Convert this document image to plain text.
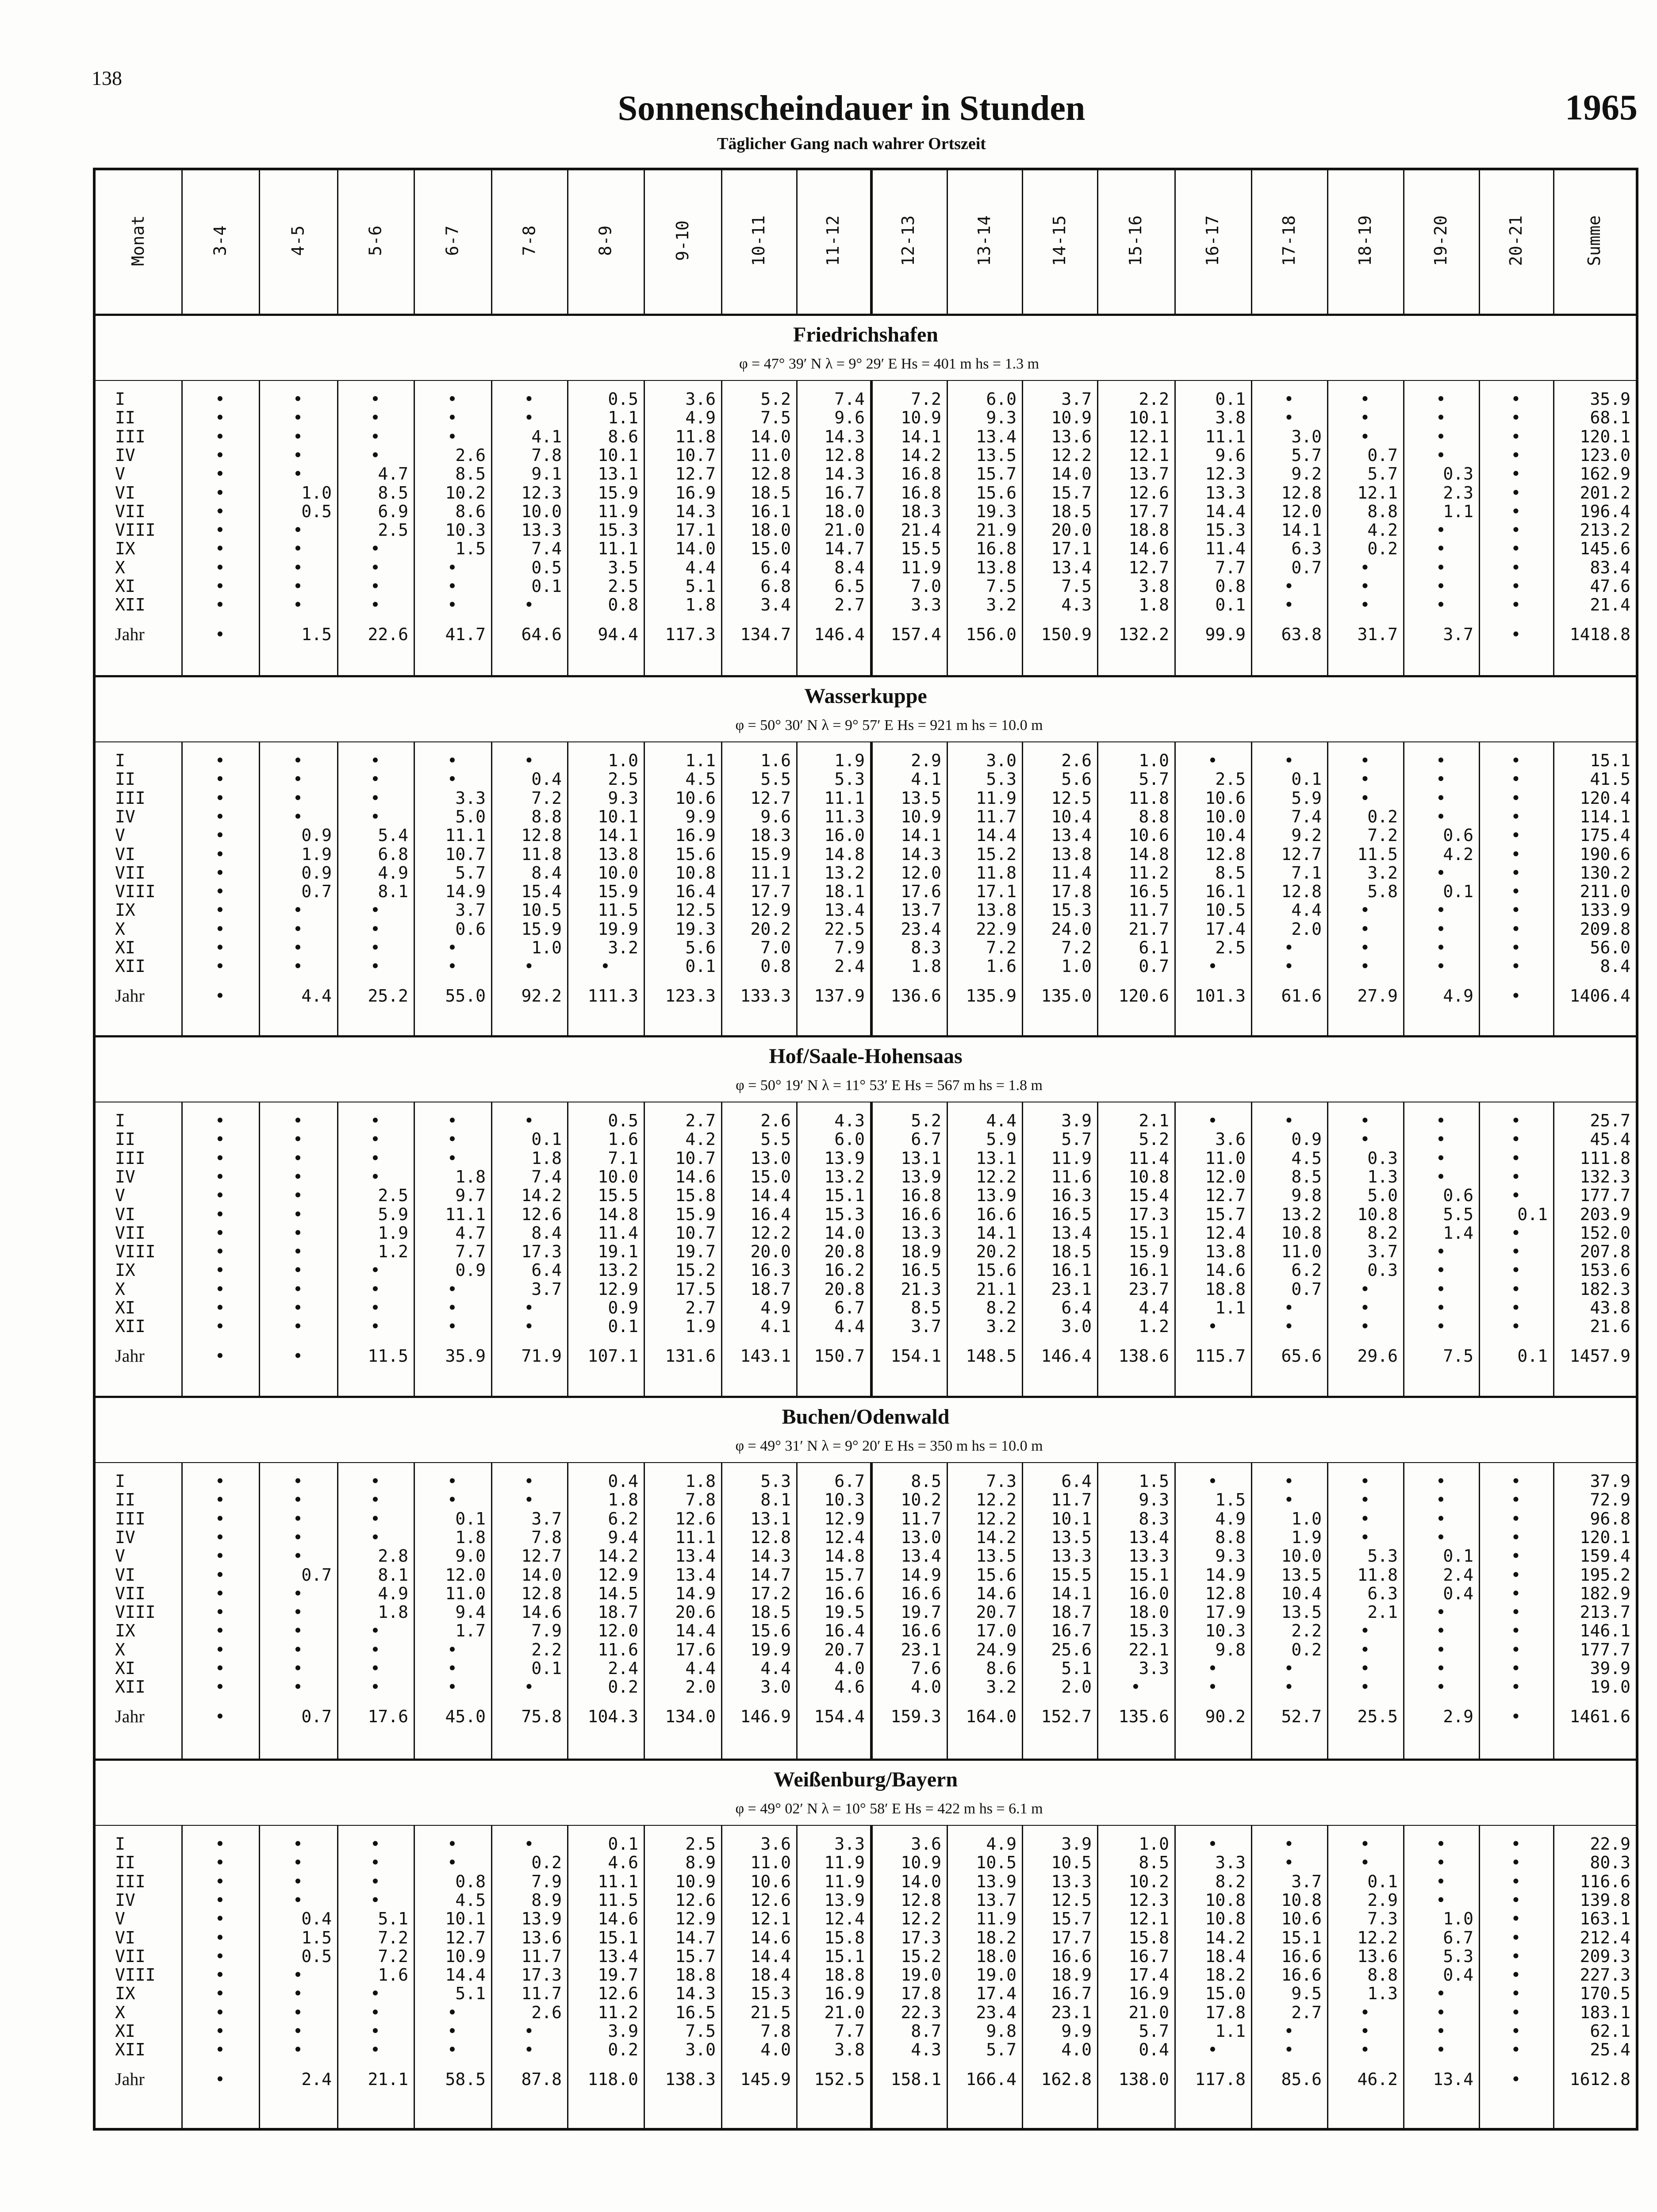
138
Sonnenscheindauer in Stunden	1965
Täglicher Gang nach wahrer Ortszeit
Monat	3-4	4-5	5-6	6-7	7-8	8-9	9-10	10-11	11-12	12-13	13-14	14-15	15-16	16-17	17-18	18-19	19-20	20-21	Summe
Friedrichshafen
φ = 47° 39′ N λ = 9° 29′ E Hs = 401 m hs = 1.3 m
I	•	•	•	•	•	0.5	3.6	5.2	7.4	7.2	6.0	3.7	2.2	0.1	•	•	•	•	35.9
II	•	•	•	•	•	1.1	4.9	7.5	9.6	10.9	9.3	10.9	10.1	3.8	•	•	•	•	68.1
III	•	•	•	•	4.1	8.6	11.8	14.0	14.3	14.1	13.4	13.6	12.1	11.1	3.0	•	•	•	120.1
IV	•	•	•	2.6	7.8	10.1	10.7	11.0	12.8	14.2	13.5	12.2	12.1	9.6	5.7	0.7	•	•	123.0
V	•	•	4.7	8.5	9.1	13.1	12.7	12.8	14.3	16.8	15.7	14.0	13.7	12.3	9.2	5.7	0.3	•	162.9
VI	•	1.0	8.5	10.2	12.3	15.9	16.9	18.5	16.7	16.8	15.6	15.7	12.6	13.3	12.8	12.1	2.3	•	201.2
VII	•	0.5	6.9	8.6	10.0	11.9	14.3	16.1	18.0	18.3	19.3	18.5	17.7	14.4	12.0	8.8	1.1	•	196.4
VIII	•	•	2.5	10.3	13.3	15.3	17.1	18.0	21.0	21.4	21.9	20.0	18.8	15.3	14.1	4.2	•	•	213.2
IX	•	•	•	1.5	7.4	11.1	14.0	15.0	14.7	15.5	16.8	17.1	14.6	11.4	6.3	0.2	•	•	145.6
X	•	•	•	•	0.5	3.5	4.4	6.4	8.4	11.9	13.8	13.4	12.7	7.7	0.7	•	•	•	83.4
XI	•	•	•	•	0.1	2.5	5.1	6.8	6.5	7.0	7.5	7.5	3.8	0.8	•	•	•	•	47.6
XII	•	•	•	•	•	0.8	1.8	3.4	2.7	3.3	3.2	4.3	1.8	0.1	•	•	•	•	21.4
Jahr	•	1.5	22.6	41.7	64.6	94.4	117.3	134.7	146.4	157.4	156.0	150.9	132.2	99.9	63.8	31.7	3.7	•	1418.8
Wasserkuppe
φ = 50° 30′ N λ = 9° 57′ E Hs = 921 m hs = 10.0 m
I	•	•	•	•	•	1.0	1.1	1.6	1.9	2.9	3.0	2.6	1.0	•	•	•	•	•	15.1
II	•	•	•	•	0.4	2.5	4.5	5.5	5.3	4.1	5.3	5.6	5.7	2.5	0.1	•	•	•	41.5
III	•	•	•	3.3	7.2	9.3	10.6	12.7	11.1	13.5	11.9	12.5	11.8	10.6	5.9	•	•	•	120.4
IV	•	•	•	5.0	8.8	10.1	9.9	9.6	11.3	10.9	11.7	10.4	8.8	10.0	7.4	0.2	•	•	114.1
V	•	0.9	5.4	11.1	12.8	14.1	16.9	18.3	16.0	14.1	14.4	13.4	10.6	10.4	9.2	7.2	0.6	•	175.4
VI	•	1.9	6.8	10.7	11.8	13.8	15.6	15.9	14.8	14.3	15.2	13.8	14.8	12.8	12.7	11.5	4.2	•	190.6
VII	•	0.9	4.9	5.7	8.4	10.0	10.8	11.1	13.2	12.0	11.8	11.4	11.2	8.5	7.1	3.2	•	•	130.2
VIII	•	0.7	8.1	14.9	15.4	15.9	16.4	17.7	18.1	17.6	17.1	17.8	16.5	16.1	12.8	5.8	0.1	•	211.0
IX	•	•	•	3.7	10.5	11.5	12.5	12.9	13.4	13.7	13.8	15.3	11.7	10.5	4.4	•	•	•	133.9
X	•	•	•	0.6	15.9	19.9	19.3	20.2	22.5	23.4	22.9	24.0	21.7	17.4	2.0	•	•	•	209.8
XI	•	•	•	•	1.0	3.2	5.6	7.0	7.9	8.3	7.2	7.2	6.1	2.5	•	•	•	•	56.0
XII	•	•	•	•	•	•	0.1	0.8	2.4	1.8	1.6	1.0	0.7	•	•	•	•	•	8.4
Jahr	•	4.4	25.2	55.0	92.2	111.3	123.3	133.3	137.9	136.6	135.9	135.0	120.6	101.3	61.6	27.9	4.9	•	1406.4
Hof/Saale-Hohensaas
φ = 50° 19′ N λ = 11° 53′ E Hs = 567 m hs = 1.8 m
I	•	•	•	•	•	0.5	2.7	2.6	4.3	5.2	4.4	3.9	2.1	•	•	•	•	•	25.7
II	•	•	•	•	0.1	1.6	4.2	5.5	6.0	6.7	5.9	5.7	5.2	3.6	0.9	•	•	•	45.4
III	•	•	•	•	1.8	7.1	10.7	13.0	13.9	13.1	13.1	11.9	11.4	11.0	4.5	0.3	•	•	111.8
IV	•	•	•	1.8	7.4	10.0	14.6	15.0	13.2	13.9	12.2	11.6	10.8	12.0	8.5	1.3	•	•	132.3
V	•	•	2.5	9.7	14.2	15.5	15.8	14.4	15.1	16.8	13.9	16.3	15.4	12.7	9.8	5.0	0.6	•	177.7
VI	•	•	5.9	11.1	12.6	14.8	15.9	16.4	15.3	16.6	16.6	16.5	17.3	15.7	13.2	10.8	5.5	0.1	203.9
VII	•	•	1.9	4.7	8.4	11.4	10.7	12.2	14.0	13.3	14.1	13.4	15.1	12.4	10.8	8.2	1.4	•	152.0
VIII	•	•	1.2	7.7	17.3	19.1	19.7	20.0	20.8	18.9	20.2	18.5	15.9	13.8	11.0	3.7	•	•	207.8
IX	•	•	•	0.9	6.4	13.2	15.2	16.3	16.2	16.5	15.6	16.1	16.1	14.6	6.2	0.3	•	•	153.6
X	•	•	•	•	3.7	12.9	17.5	18.7	20.8	21.3	21.1	23.1	23.7	18.8	0.7	•	•	•	182.3
XI	•	•	•	•	•	0.9	2.7	4.9	6.7	8.5	8.2	6.4	4.4	1.1	•	•	•	•	43.8
XII	•	•	•	•	•	0.1	1.9	4.1	4.4	3.7	3.2	3.0	1.2	•	•	•	•	•	21.6
Jahr	•	•	11.5	35.9	71.9	107.1	131.6	143.1	150.7	154.1	148.5	146.4	138.6	115.7	65.6	29.6	7.5	0.1	1457.9
Buchen/Odenwald
φ = 49° 31′ N λ = 9° 20′ E Hs = 350 m hs = 10.0 m
I	•	•	•	•	•	0.4	1.8	5.3	6.7	8.5	7.3	6.4	1.5	•	•	•	•	•	37.9
II	•	•	•	•	•	1.8	7.8	8.1	10.3	10.2	12.2	11.7	9.3	1.5	•	•	•	•	72.9
III	•	•	•	0.1	3.7	6.2	12.6	13.1	12.9	11.7	12.2	10.1	8.3	4.9	1.0	•	•	•	96.8
IV	•	•	•	1.8	7.8	9.4	11.1	12.8	12.4	13.0	14.2	13.5	13.4	8.8	1.9	•	•	•	120.1
V	•	•	2.8	9.0	12.7	14.2	13.4	14.3	14.8	13.4	13.5	13.3	13.3	9.3	10.0	5.3	0.1	•	159.4
VI	•	0.7	8.1	12.0	14.0	12.9	13.4	14.7	15.7	14.9	15.6	15.5	15.1	14.9	13.5	11.8	2.4	•	195.2
VII	•	•	4.9	11.0	12.8	14.5	14.9	17.2	16.6	16.6	14.6	14.1	16.0	12.8	10.4	6.3	0.4	•	182.9
VIII	•	•	1.8	9.4	14.6	18.7	20.6	18.5	19.5	19.7	20.7	18.7	18.0	17.9	13.5	2.1	•	•	213.7
IX	•	•	•	1.7	7.9	12.0	14.4	15.6	16.4	16.6	17.0	16.7	15.3	10.3	2.2	•	•	•	146.1
X	•	•	•	•	2.2	11.6	17.6	19.9	20.7	23.1	24.9	25.6	22.1	9.8	0.2	•	•	•	177.7
XI	•	•	•	•	0.1	2.4	4.4	4.4	4.0	7.6	8.6	5.1	3.3	•	•	•	•	•	39.9
XII	•	•	•	•	•	0.2	2.0	3.0	4.6	4.0	3.2	2.0	•	•	•	•	•	•	19.0
Jahr	•	0.7	17.6	45.0	75.8	104.3	134.0	146.9	154.4	159.3	164.0	152.7	135.6	90.2	52.7	25.5	2.9	•	1461.6
Weißenburg/Bayern
φ = 49° 02′ N λ = 10° 58′ E Hs = 422 m hs = 6.1 m
I	•	•	•	•	•	0.1	2.5	3.6	3.3	3.6	4.9	3.9	1.0	•	•	•	•	•	22.9
II	•	•	•	•	0.2	4.6	8.9	11.0	11.9	10.9	10.5	10.5	8.5	3.3	•	•	•	•	80.3
III	•	•	•	0.8	7.9	11.1	10.9	10.6	11.9	14.0	13.9	13.3	10.2	8.2	3.7	0.1	•	•	116.6
IV	•	•	•	4.5	8.9	11.5	12.6	12.6	13.9	12.8	13.7	12.5	12.3	10.8	10.8	2.9	•	•	139.8
V	•	0.4	5.1	10.1	13.9	14.6	12.9	12.1	12.4	12.2	11.9	15.7	12.1	10.8	10.6	7.3	1.0	•	163.1
VI	•	1.5	7.2	12.7	13.6	15.1	14.7	14.6	15.8	17.3	18.2	17.7	15.8	14.2	15.1	12.2	6.7	•	212.4
VII	•	0.5	7.2	10.9	11.7	13.4	15.7	14.4	15.1	15.2	18.0	16.6	16.7	18.4	16.6	13.6	5.3	•	209.3
VIII	•	•	1.6	14.4	17.3	19.7	18.8	18.4	18.8	19.0	19.0	18.9	17.4	18.2	16.6	8.8	0.4	•	227.3
IX	•	•	•	5.1	11.7	12.6	14.3	15.3	16.9	17.8	17.4	16.7	16.9	15.0	9.5	1.3	•	•	170.5
X	•	•	•	•	2.6	11.2	16.5	21.5	21.0	22.3	23.4	23.1	21.0	17.8	2.7	•	•	•	183.1
XI	•	•	•	•	•	3.9	7.5	7.8	7.7	8.7	9.8	9.9	5.7	1.1	•	•	•	•	62.1
XII	•	•	•	•	•	0.2	3.0	4.0	3.8	4.3	5.7	4.0	0.4	•	•	•	•	•	25.4
Jahr	•	2.4	21.1	58.5	87.8	118.0	138.3	145.9	152.5	158.1	166.4	162.8	138.0	117.8	85.6	46.2	13.4	•	1612.8
